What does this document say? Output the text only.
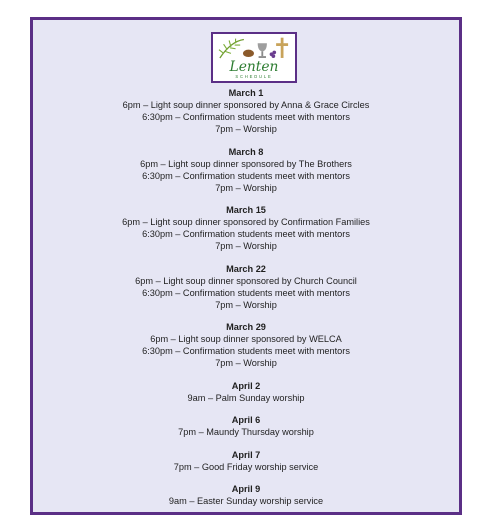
Lenten
SCHEDULE
March 1
6pm – Light soup dinner sponsored by Anna & Grace Circles
6:30pm – Confirmation students meet with mentors
7pm – Worship
March 8
6pm – Light soup dinner sponsored by The Brothers
6:30pm – Confirmation students meet with mentors
7pm – Worship
March 15
6pm – Light soup dinner sponsored by Confirmation Families
6:30pm – Confirmation students meet with mentors
7pm – Worship
March 22
6pm – Light soup dinner sponsored by Church Council
6:30pm – Confirmation students meet with mentors
7pm – Worship
March 29
6pm – Light soup dinner sponsored by WELCA
6:30pm – Confirmation students meet with mentors
7pm – Worship
April 2
9am – Palm Sunday worship
April 6
7pm – Maundy Thursday worship
April 7
7pm – Good Friday worship service
April 9
9am – Easter Sunday worship service
